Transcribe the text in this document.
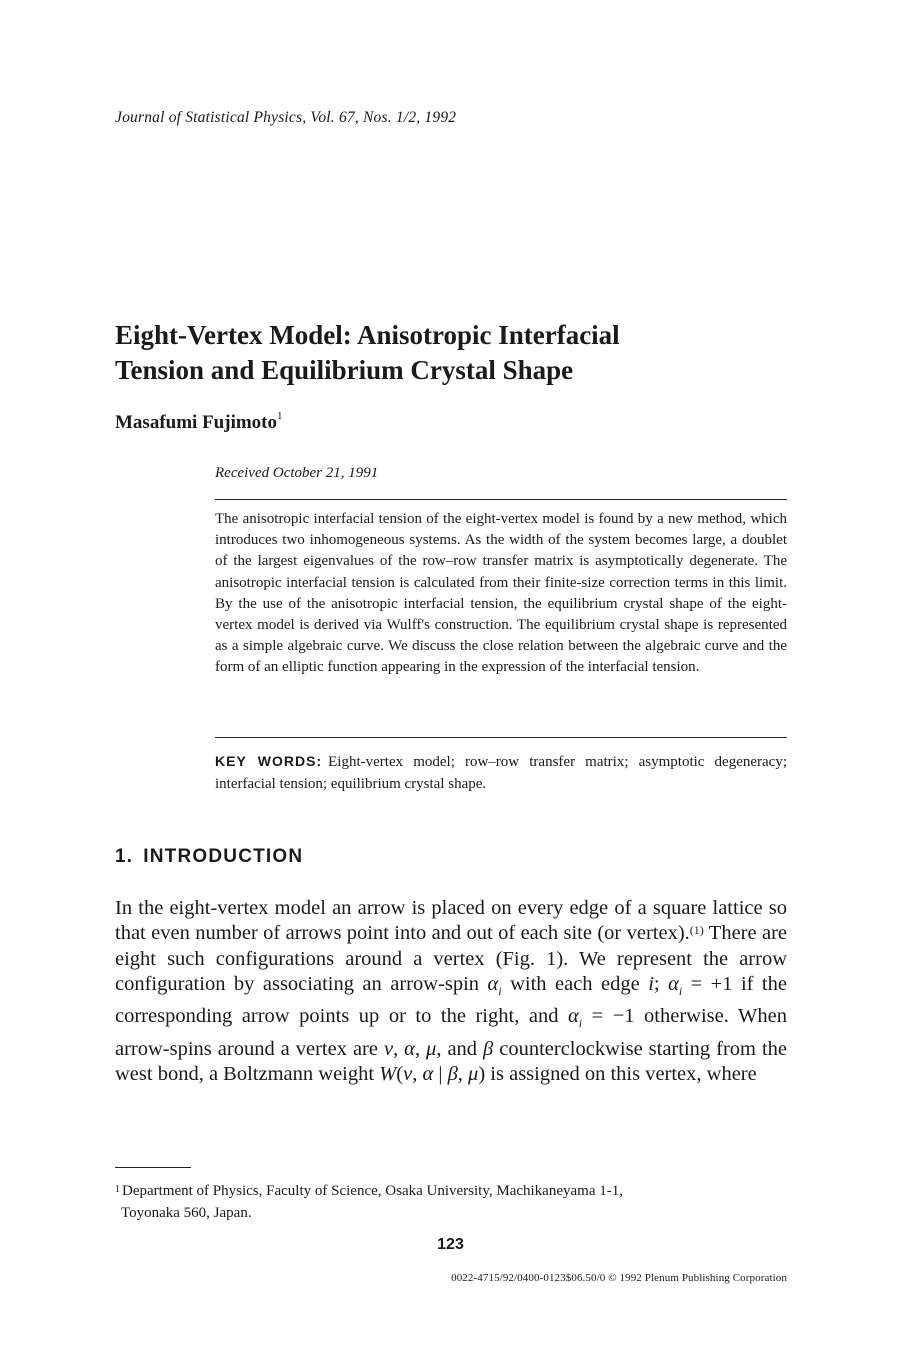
Journal of Statistical Physics, Vol. 67, Nos. 1/2, 1992
Eight-Vertex Model: Anisotropic Interfacial
Tension and Equilibrium Crystal Shape
Masafumi Fujimoto$^1$
Received October 21, 1991
The anisotropic interfacial tension of the eight-vertex model is found by a new method, which introduces two inhomogeneous systems. As the width of the system becomes large, a doublet of the largest eigenvalues of the row–row transfer matrix is asymptotically degenerate. The anisotropic interfacial tension is calculated from their finite-size correction terms in this limit. By the use of the anisotropic interfacial tension, the equilibrium crystal shape of the eight-vertex model is derived via Wulff's construction. The equilibrium crystal shape is represented as a simple algebraic curve. We discuss the close relation between the algebraic curve and the form of an elliptic function appearing in the expression of the interfacial tension.
KEY WORDS: Eight-vertex model; row–row transfer matrix; asymptotic degeneracy; interfacial tension; equilibrium crystal shape.
1. INTRODUCTION
In the eight-vertex model an arrow is placed on every edge of a square lattice so that even number of arrows point into and out of each site (or vertex).$^{(1)}$ There are eight such configurations around a vertex (Fig. 1). We represent the arrow configuration by associating an arrow-spin $\alpha_i$ with each edge i; $\alpha_i = +1$ if the corresponding arrow points up or to the right, and $\alpha_i = -1$ otherwise. When arrow-spins around a vertex are v, α, μ, and β counterclockwise starting from the west bond, a Boltzmann weight W(v, α | β, μ) is assigned on this vertex, where
$^1$ Department of Physics, Faculty of Science, Osaka University, Machikaneyama 1-1,
Toyonaka 560, Japan.
123
0022-4715/92/0400-0123$06.50/0 © 1992 Plenum Publishing Corporation
